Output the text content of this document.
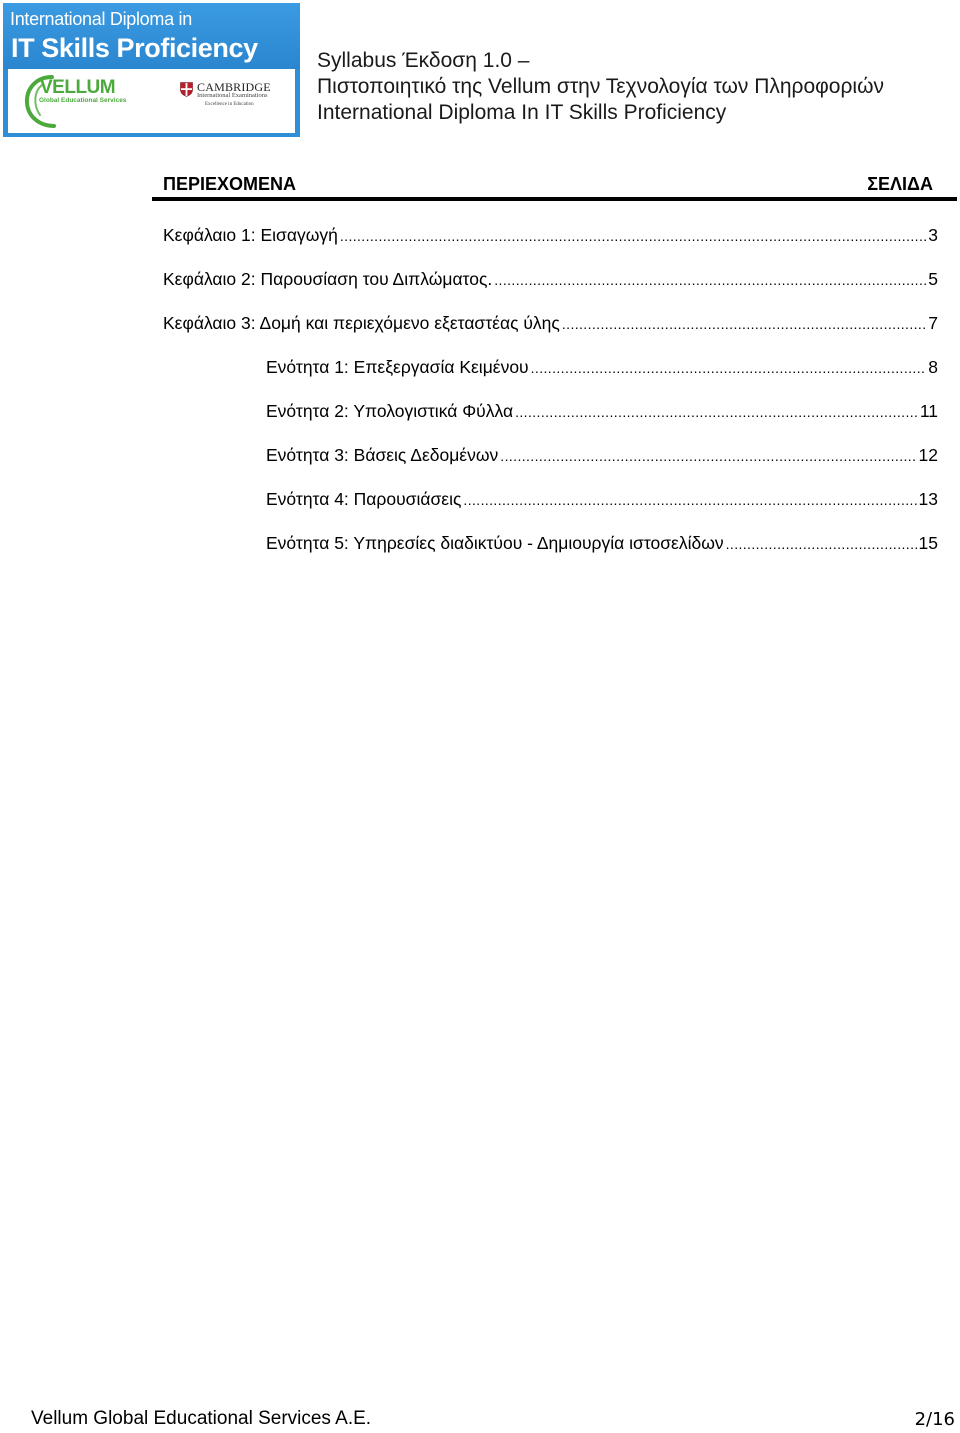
International Diploma in
IT Skills Proficiency
VELLUM
Global Educational Services
CAMBRIDGE
International Examinations
Excellence in Education
Syllabus Έκδοση 1.0 –
Πιστοποιητικό της Vellum στην Τεχνολογία των Πληροφοριών
International Diploma In IT Skills Proficiency
ΠΕΡΙΕΧΟΜΕΝΑ	ΣΕΛΙΔΑ
Κεφάλαιο 1: Εισαγωγή .....	3
Κεφάλαιο 2: Παρουσίαση του Διπλώματος. .....	5
Κεφάλαιο 3: Δομή και περιεχόμενο εξεταστέας ύλης .....	7
Ενότητα 1: Επεξεργασία Κειμένου .....	8
Ενότητα 2: Υπολογιστικά Φύλλα .....	11
Ενότητα 3: Βάσεις Δεδομένων .....	12
Ενότητα 4: Παρουσιάσεις .....	13
Ενότητα 5: Υπηρεσίες διαδικτύου - Δημιουργία ιστοσελίδων .....	15
Vellum Global Educational Services A.E.	2/16
